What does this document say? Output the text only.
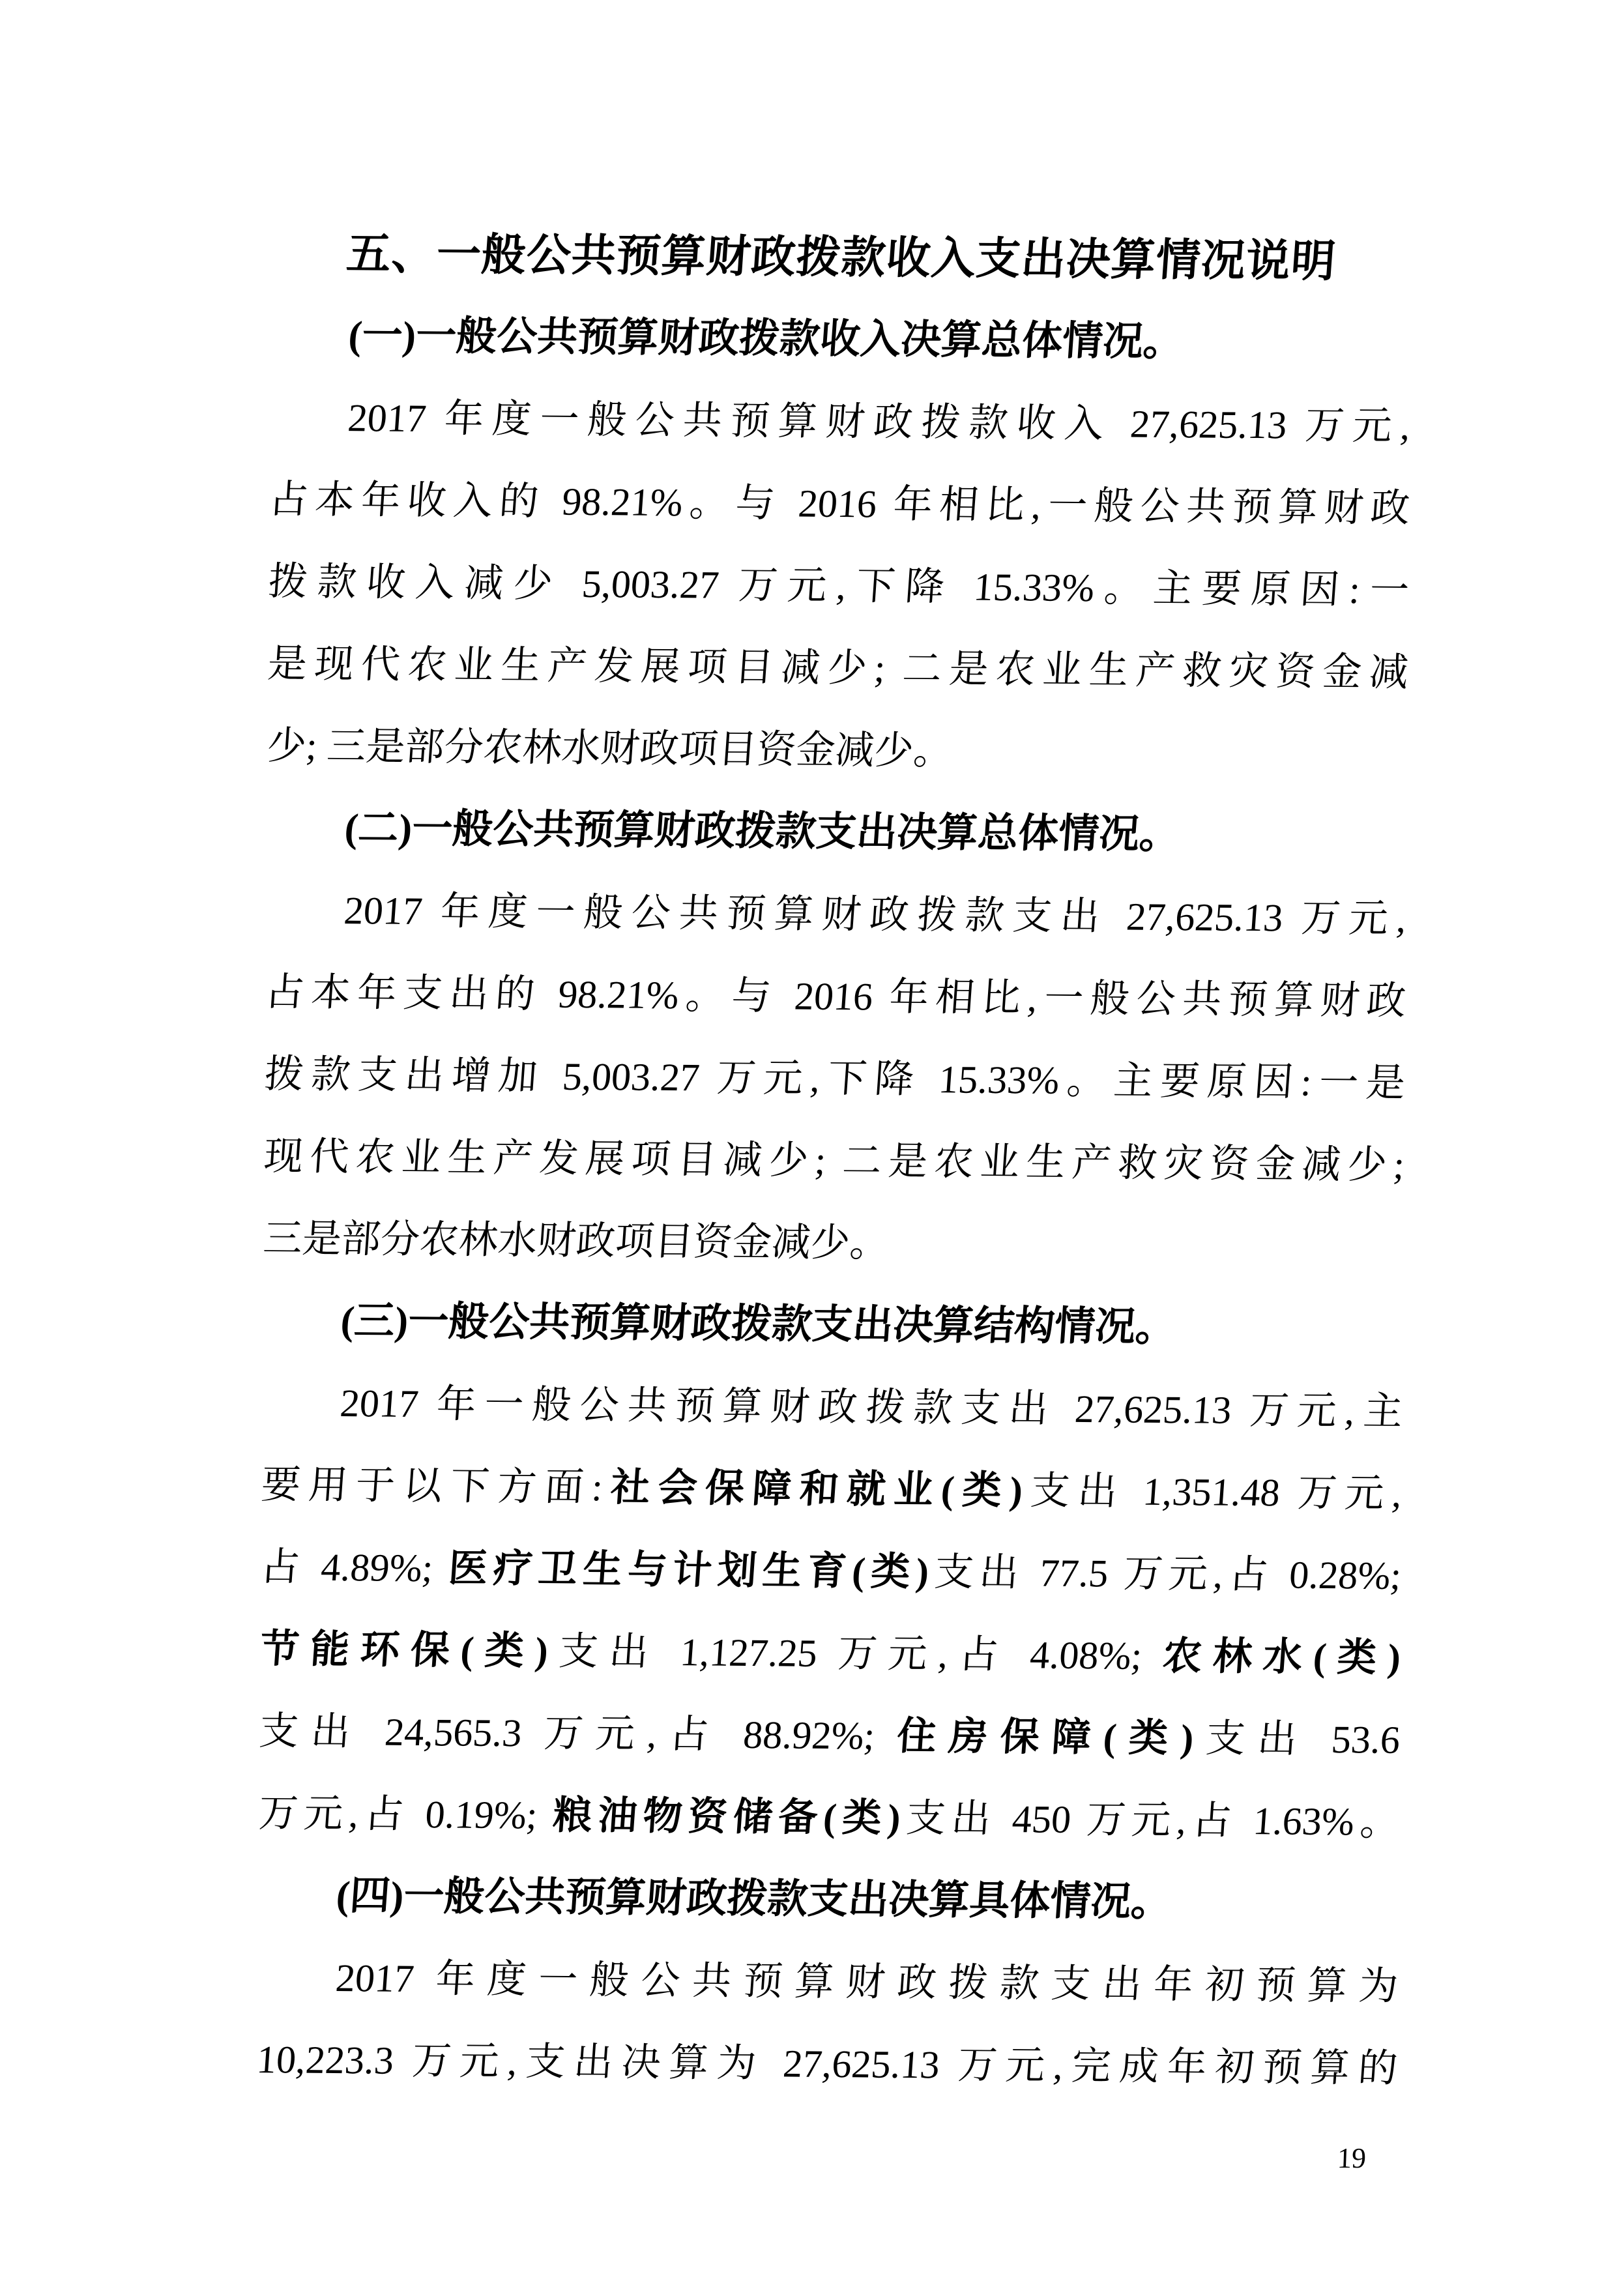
五、一般公共预算财政拨款收入支出决算情况说明
(一)一般公共预算财政拨款收入决算总体情况。
2017 年度一般公共预算财政拨款收入 27,625.13 万元,
占本年收入的 98.21%。与 2016 年相比,一般公共预算财政
拨款收入减少 5,003.27 万元,下降 15.33%。主要原因:一
是现代农业生产发展项目减少; 二是农业生产救灾资金减
少; 三是部分农林水财政项目资金减少。
(二)一般公共预算财政拨款支出决算总体情况。
2017 年度一般公共预算财政拨款支出 27,625.13 万元,
占本年支出的 98.21%。与 2016 年相比,一般公共预算财政
拨款支出增加 5,003.27 万元,下降 15.33%。主要原因:一是
现代农业生产发展项目减少; 二是农业生产救灾资金减少;
三是部分农林水财政项目资金减少。
(三)一般公共预算财政拨款支出决算结构情况。
2017 年一般公共预算财政拨款支出 27,625.13 万元,主
要用于以下方面:社会保障和就业(类)支出 1,351.48 万元,
占 4.89%; 医疗卫生与计划生育(类)支出 77.5 万元,占 0.28%;
节能环保(类)支出 1,127.25 万元,占 4.08%; 农林水(类)
支出 24,565.3 万元,占 88.92%; 住房保障(类)支出 53.6
万元,占 0.19%; 粮油物资储备(类)支出 450 万元,占 1.63%。
(四)一般公共预算财政拨款支出决算具体情况。
2017 年度一般公共预算财政拨款支出年初预算为
10,223.3 万元,支出决算为 27,625.13 万元,完成年初预算的
19
